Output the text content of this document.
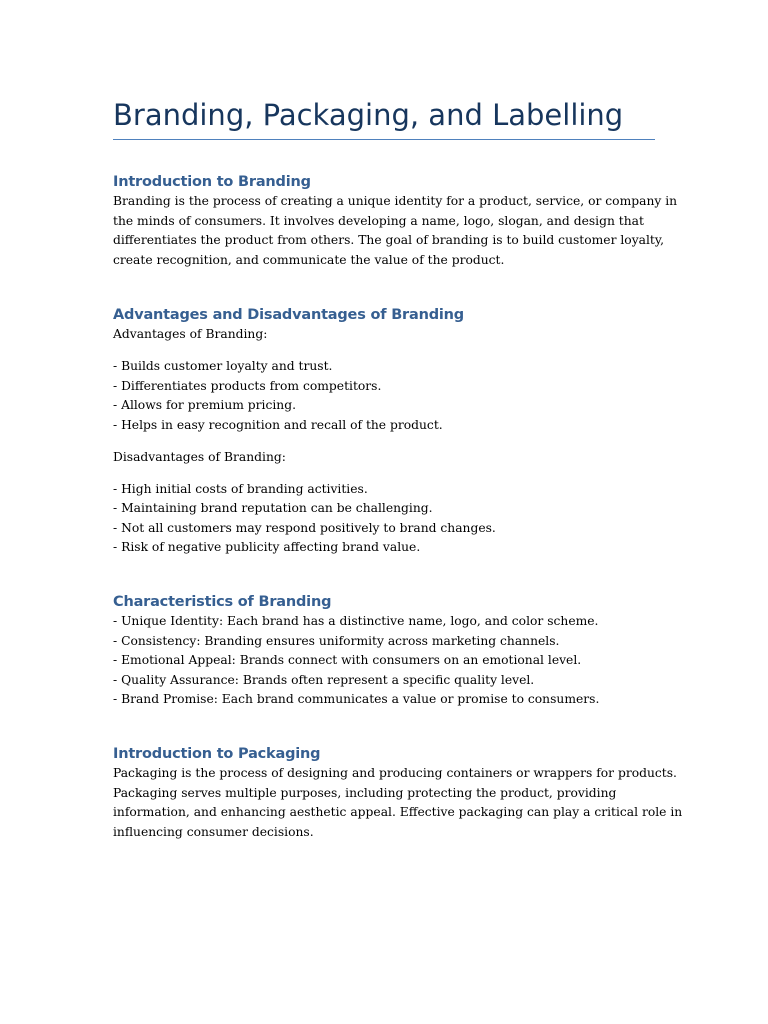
Branding, Packaging, and Labelling
Introduction to Branding

Branding is the process of creating a unique identity for a product, service, or company in

the minds of consumers. It involves developing a name, logo, slogan, and design that

differentiates the product from others. The goal of branding is to build customer loyalty,

create recognition, and communicate the value of the product.

Advantages and Disadvantages of Branding

Advantages of Branding:

- Builds customer loyalty and trust.

- Differentiates products from competitors.

- Allows for premium pricing.

- Helps in easy recognition and recall of the product.

Disadvantages of Branding:

- High initial costs of branding activities.

- Maintaining brand reputation can be challenging.

- Not all customers may respond positively to brand changes.

- Risk of negative publicity affecting brand value.

Characteristics of Branding

- Unique Identity: Each brand has a distinctive name, logo, and color scheme.

- Consistency: Branding ensures uniformity across marketing channels.

- Emotional Appeal: Brands connect with consumers on an emotional level.

- Quality Assurance: Brands often represent a specific quality level.

- Brand Promise: Each brand communicates a value or promise to consumers.

Introduction to Packaging

Packaging is the process of designing and producing containers or wrappers for products.

Packaging serves multiple purposes, including protecting the product, providing

information, and enhancing aesthetic appeal. Effective packaging can play a critical role in

influencing consumer decisions.
